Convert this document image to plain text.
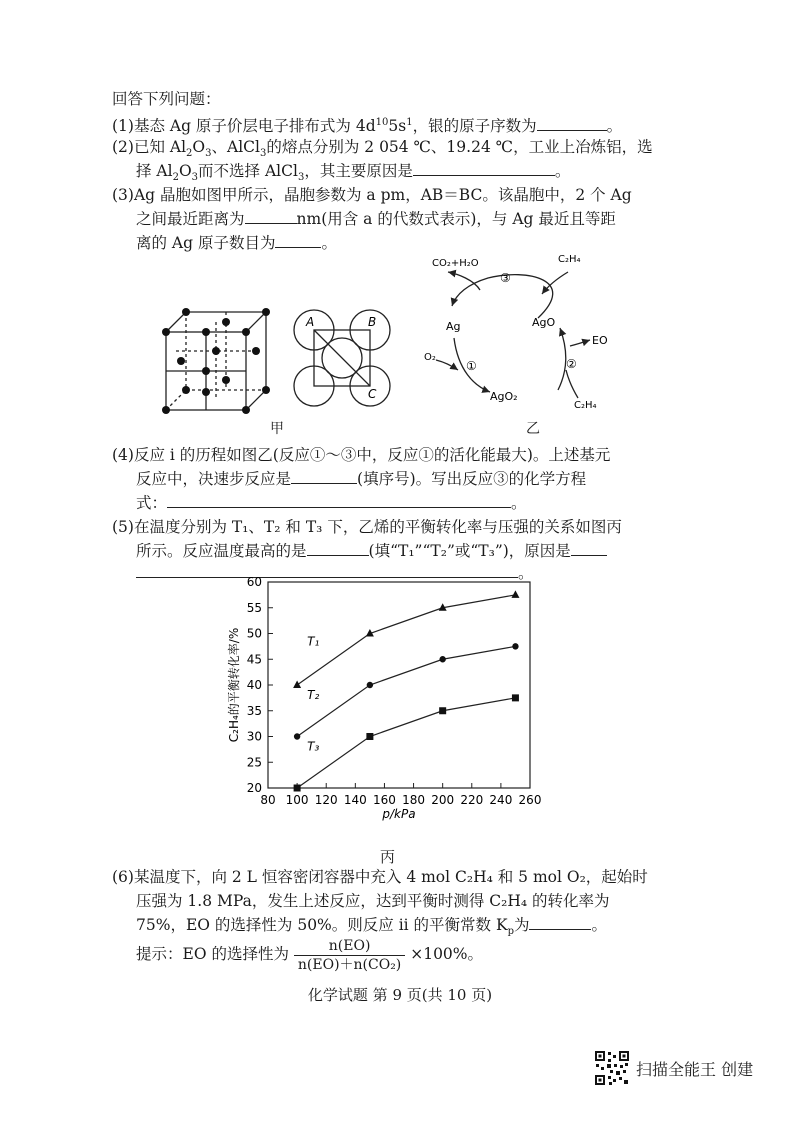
回答下列问题：
(1)基态 Ag 原子价层电子排布式为 $4d^{10}5s^1$，银的原子序数为	。
(2)已知 $Al_2O_3$、AlCl$_3$的熔点分别为 2 054 ℃、19.24 ℃，工业上冶炼铝，选
择 $Al_2O_3$而不选择 AlCl$_3$，其主要原因是	。
(3)Ag 晶胞如图甲所示，晶胞参数为 a pm，AB＝BC。该晶胞中，2 个 Ag
之间最近距离为	nm(用含 a 的代数式表示)，与 Ag 最近且等距
离的 Ag 原子数目为	。
A	B
C
甲
CO₂+H₂O	C₂H₄
③
Ag	AgO
EO
O₂
①	②
AgO₂
C₂H₄
乙
(4)反应 i 的历程如图乙(反应①～③中，反应①的活化能最大)。上述基元
反应中，决速步反应是	(填序号)。写出反应③的化学方程
式：	。
(5)在温度分别为 T₁、T₂ 和 T₃ 下，乙烯的平衡转化率与压强的关系如图丙
所示。反应温度最高的是	(填“T₁”“T₂”或“T₃”)，原因是
。
20
25
30
35
40
45
50
55
60
80 100 120 140 160 180 200 220 240 260
p/kPa
C₂H₄的平衡转化率/%	T₁
T₂
T₃
丙
(6)某温度下，向 2 L 恒容密闭容器中充入 4 mol C₂H₄ 和 5 mol O₂，起始时
压强为 1.8 MPa，发生上述反应，达到平衡时测得 C₂H₄ 的转化率为
75%，EO 的选择性为 50%。则反应 ii 的平衡常数 $K_p$为	。
提示：EO 的选择性为 $\frac{n(EO)}{\text{n(EO)＋n(CO₂)}} \times 100\%$。
化学试题 第 9 页(共 10 页)
扫描全能王 创建
